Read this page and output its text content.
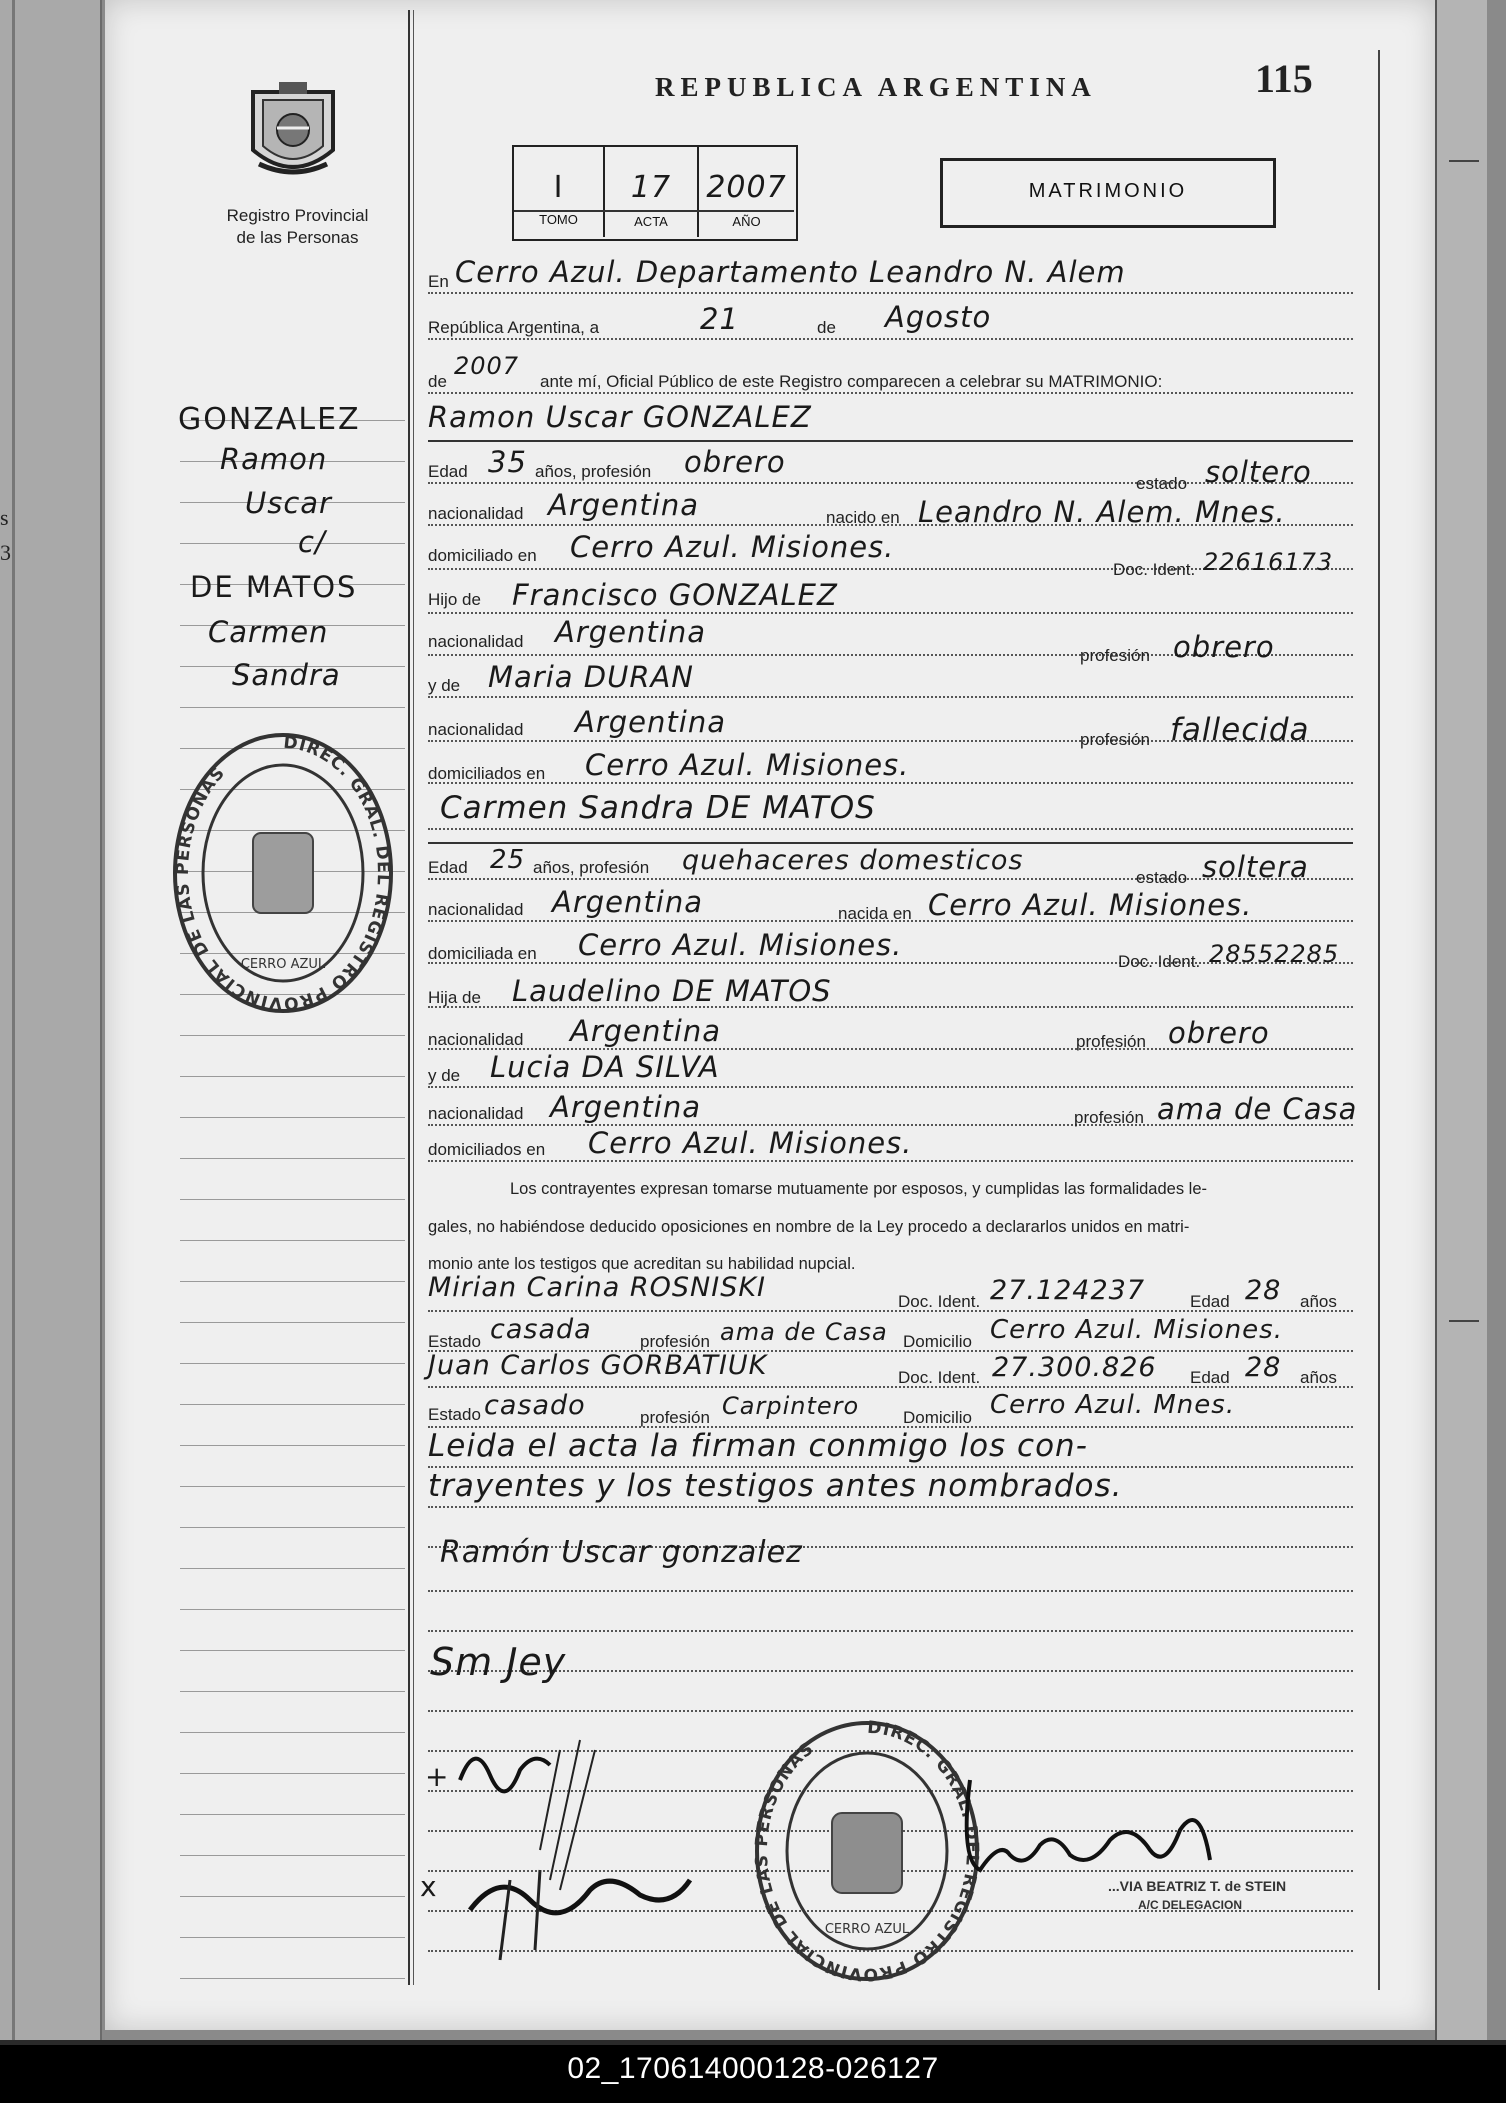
s
3
REPUBLICA ARGENTINA	115
Registro Provincial
de las Personas
I	17	2007
TOMO	ACTA	AÑO
MATRIMONIO
GONZALEZ
Ramon
Uscar
c/
DE MATOS
Carmen
Sandra
DIREC. GRAL. DEL REGISTRO PROVINCIAL DE LAS PERSONAS
CERRO AZUL
En Cerro Azul. Departamento Leandro N. Alem
República Argentina, a	21	de Agosto
de
2007
ante mí, Oficial Público de este Registro comparecen a celebrar su MATRIMONIO:
Ramon Uscar GONZALEZ
Edad 35 años, profesión obrero
estado soltero
nacionalidad Argentina	nacido en Leandro N. Alem. Mnes.
domiciliado en Cerro Azul. Misiones.
Doc. Ident. 22616173
Hijo de Francisco GONZALEZ
nacionalidad Argentina
profesión obrero
y de Maria DURAN
nacionalidad Argentina
profesión fallecida
domiciliados en Cerro Azul. Misiones.
Carmen Sandra DE MATOS
Edad 25 años, profesión quehaceres domesticos
estado soltera
nacionalidad Argentina	nacida en Cerro Azul. Misiones.
domiciliada en Cerro Azul. Misiones.	Doc. Ident. 28552285
Hija de Laudelino DE MATOS
nacionalidad Argentina	profesión obrero
y de Lucia DA SILVA
nacionalidad Argentina	profesión ama de Casa
domiciliados en Cerro Azul. Misiones.
Los contrayentes expresan tomarse mutuamente por esposos, y cumplidas las formalidades le-
gales, no habiéndose deducido oposiciones en nombre de la Ley procedo a declararlos unidos en matri-
monio ante los testigos que acreditan su habilidad nupcial.
Mirian Carina ROSNISKI	Doc. Ident. 27.124237	Edad 28 años
Estado casada	profesión ama de Casa Domicilio Cerro Azul. Misiones.
Juan Carlos GORBATIUK	Doc. Ident. 27.300.826 Edad 28 años
Estado casado	profesión Carpintero	Domicilio Cerro Azul. Mnes.
Leida el acta la firman conmigo los con-
trayentes y los testigos antes nombrados.
Ramón Uscar gonzalez
Sm Jey
+
x
DIREC. GRAL. DEL REGISTRO PROVINCIAL DE LAS PERSONAS
CERRO AZUL
...VIA BEATRIZ T. de STEIN
A/C DELEGACION
02_170614000128-026127
